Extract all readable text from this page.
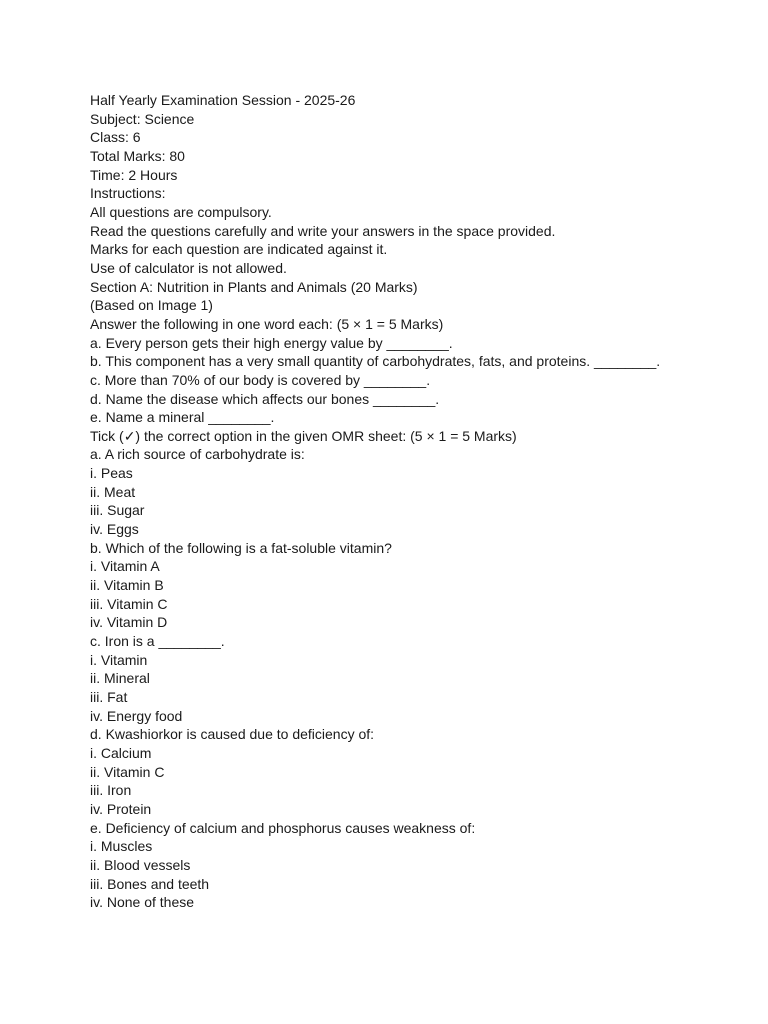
Half Yearly Examination Session - 2025-26
Subject: Science
Class: 6
Total Marks: 80
Time: 2 Hours
Instructions:
All questions are compulsory.
Read the questions carefully and write your answers in the space provided.
Marks for each question are indicated against it.
Use of calculator is not allowed.
Section A: Nutrition in Plants and Animals (20 Marks)
(Based on Image 1)
Answer the following in one word each: (5 × 1 = 5 Marks)
a. Every person gets their high energy value by ________.
b. This component has a very small quantity of carbohydrates, fats, and proteins. ________.
c. More than 70% of our body is covered by ________.
d. Name the disease which affects our bones ________.
e. Name a mineral ________.
Tick (✓) the correct option in the given OMR sheet: (5 × 1 = 5 Marks)
a. A rich source of carbohydrate is:
i. Peas
ii. Meat
iii. Sugar
iv. Eggs
b. Which of the following is a fat-soluble vitamin?
i. Vitamin A
ii. Vitamin B
iii. Vitamin C
iv. Vitamin D
c. Iron is a ________.
i. Vitamin
ii. Mineral
iii. Fat
iv. Energy food
d. Kwashiorkor is caused due to deficiency of:
i. Calcium
ii. Vitamin C
iii. Iron
iv. Protein
e. Deficiency of calcium and phosphorus causes weakness of:
i. Muscles
ii. Blood vessels
iii. Bones and teeth
iv. None of these
